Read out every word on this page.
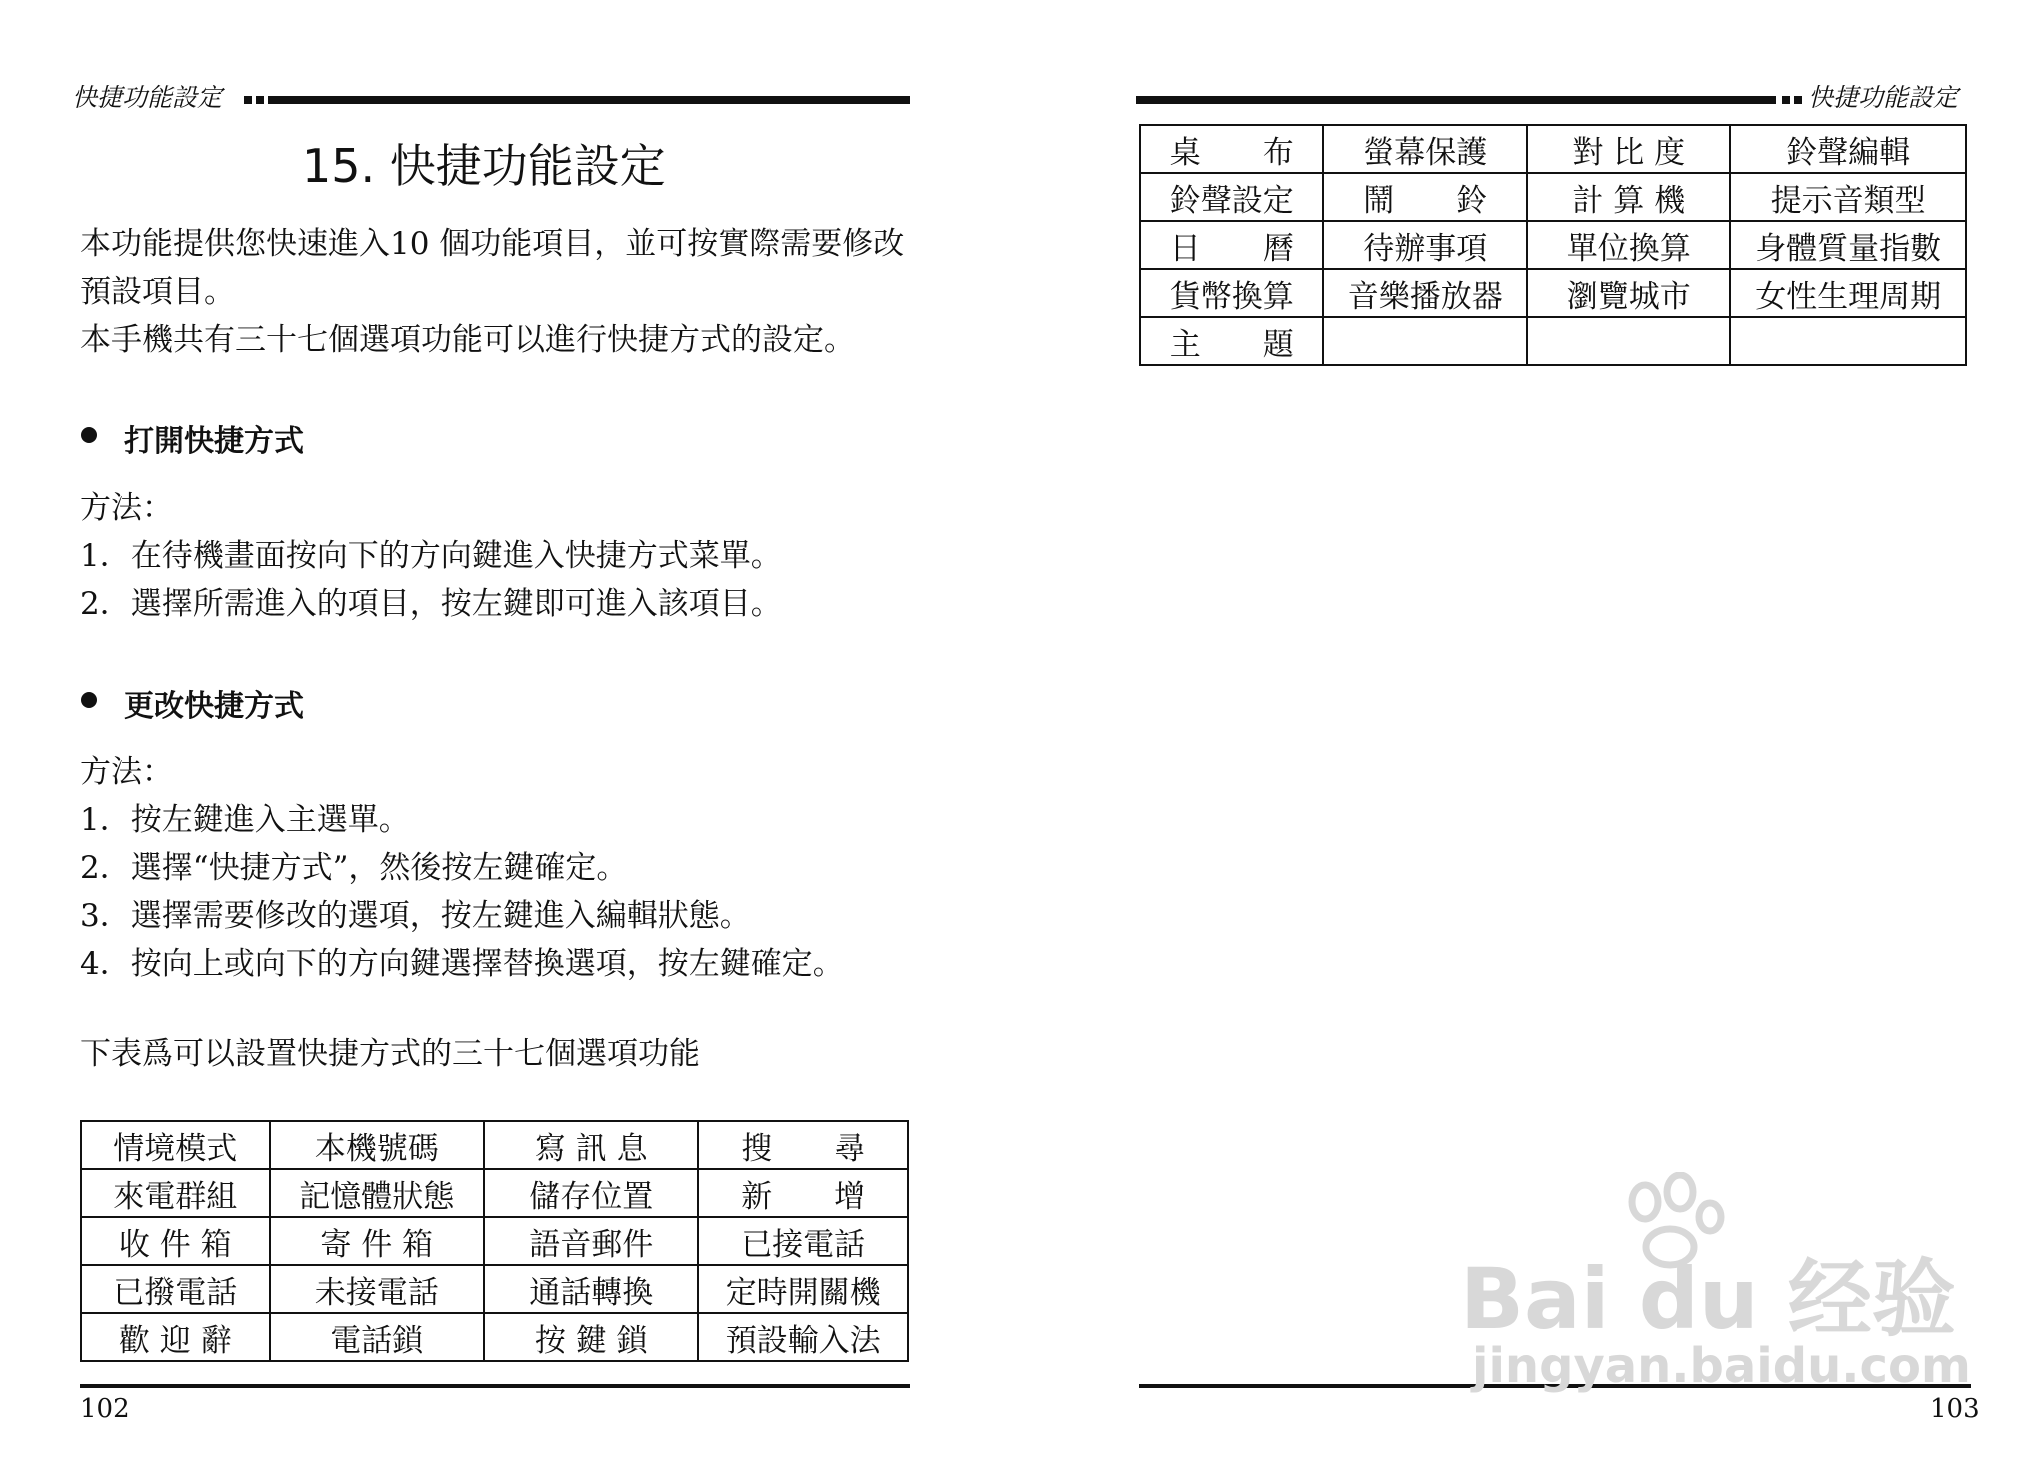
快捷功能設定
15. 快捷功能設定
本功能提供您快速進入10 個功能項目，並可按實際需要修改
預設項目。
本手機共有三十七個選項功能可以進行快捷方式的設定。
打開快捷方式
方法：
1．在待機畫面按向下的方向鍵進入快捷方式菜單。
2．選擇所需進入的項目，按左鍵即可進入該項目。
更改快捷方式
方法：
1．按左鍵進入主選單。
2．選擇“快捷方式”，然後按左鍵確定。
3．選擇需要修改的選項，按左鍵進入編輯狀態。
4．按向上或向下的方向鍵選擇替換選項，按左鍵確定。
下表爲可以設置快捷方式的三十七個選項功能
情境模式	本機號碼	寫 訊 息	搜　　尋
來電群組	記憶體狀態	儲存位置	新　　增
收 件 箱	寄 件 箱	語音郵件	已接電話
已撥電話	未接電話	通話轉換	定時開關機
歡 迎 辭	電話鎖	按 鍵 鎖	預設輸入法
102
快捷功能設定
桌　　布	螢幕保護	對 比 度	鈴聲編輯
鈴聲設定	鬧　　鈴	計 算 機	提示音類型
日　　曆	待辦事項	單位換算	身體質量指數
貨幣換算	音樂播放器	瀏覽城市	女性生理周期
主　　題			
103
Bai du 经验
jingyan.baidu.com
